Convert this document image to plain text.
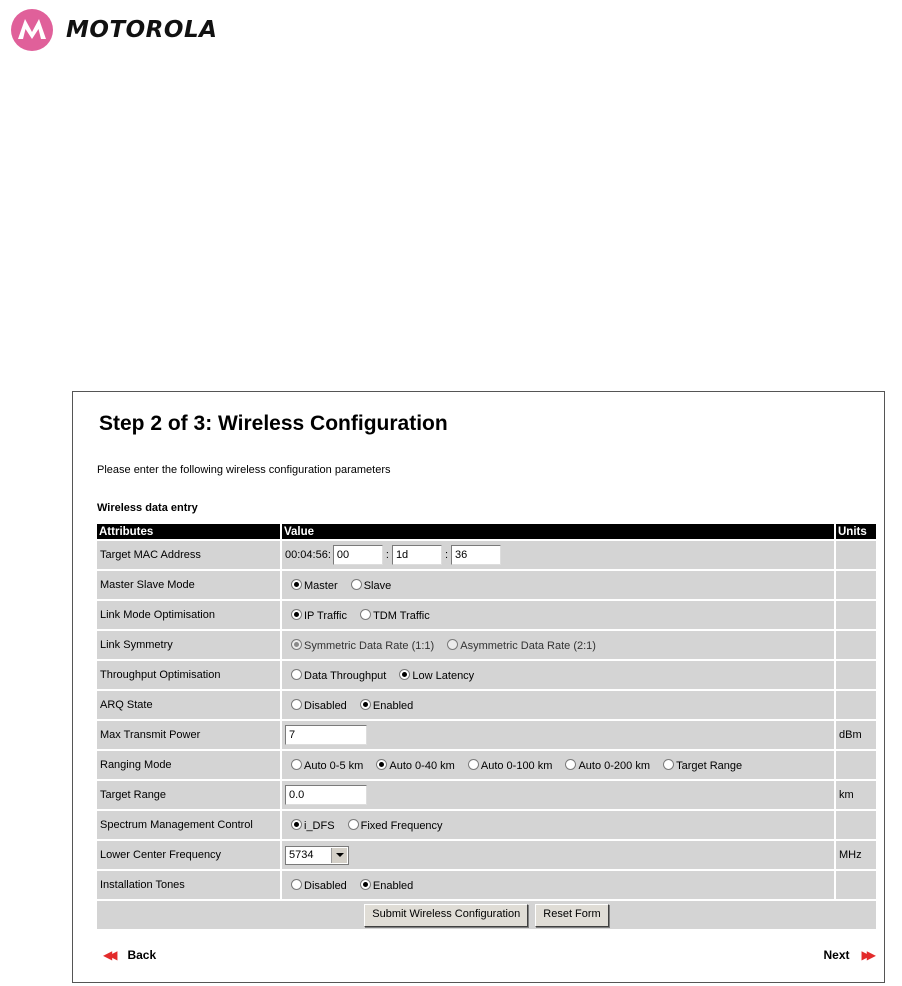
MOTOROLA
Step 2 of 3: Wireless Configuration
Please enter the following wireless configuration parameters
Wireless data entry
Attributes	Value	Units
Target MAC Address	00:04:56: 00 : 1d : 36	
Master Slave Mode	Master Slave	
Link Mode Optimisation	IP Traffic TDM Traffic	
Link Symmetry	Symmetric Data Rate (1:1) Asymmetric Data Rate (2:1)	
Throughput Optimisation	Data Throughput Low Latency	
ARQ State	Disabled Enabled	
Max Transmit Power	7	dBm
Ranging Mode	Auto 0-5 km Auto 0-40 km Auto 0-100 km Auto 0-200 km Target Range	
Target Range	0.0	km
Spectrum Management Control	i_DFS Fixed Frequency	
Lower Center Frequency	5734	MHz
Installation Tones	Disabled Enabled	
Submit Wireless Configuration Reset Form		
◀◀ Back	Next ▶▶
